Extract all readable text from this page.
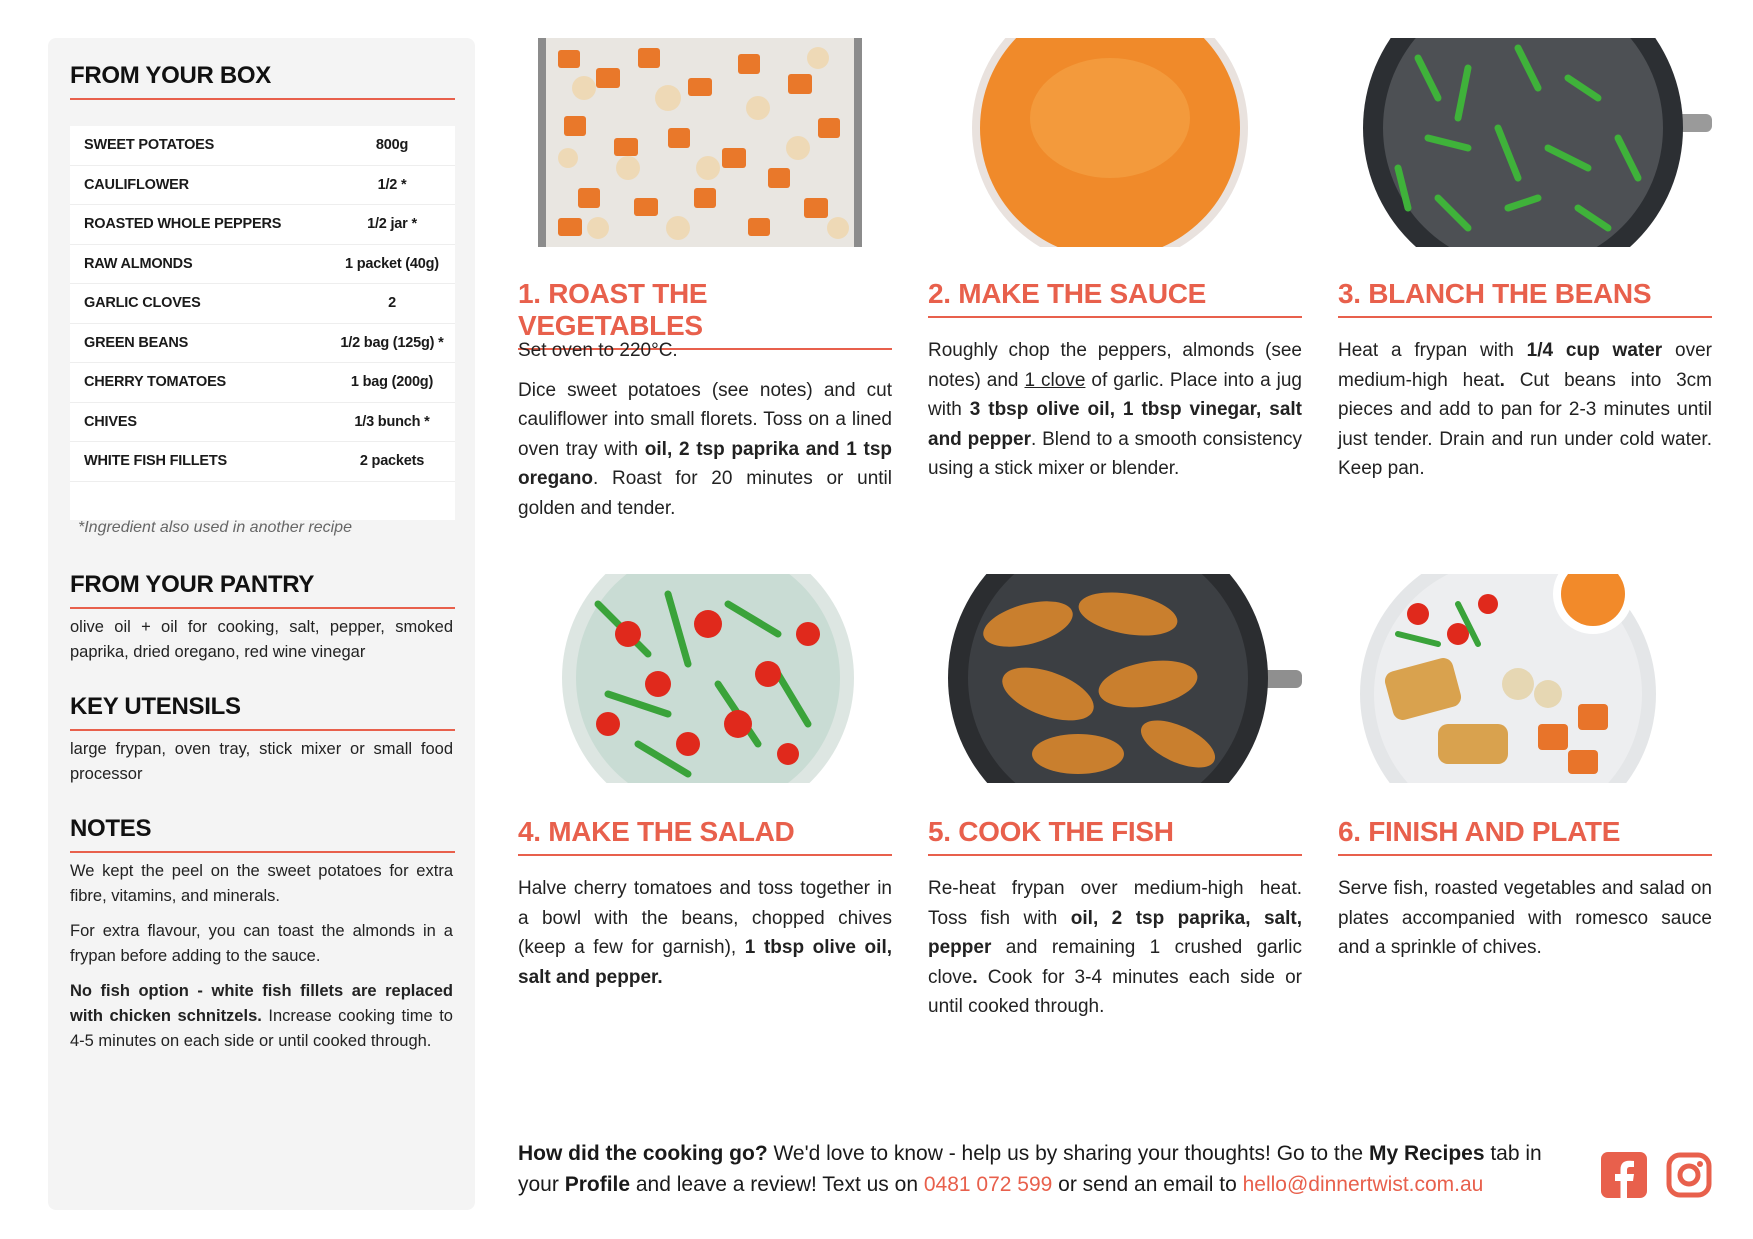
FROM YOUR BOX
SWEET POTATOES	800g
CAULIFLOWER	1/2 *
ROASTED WHOLE PEPPERS	1/2 jar *
RAW ALMONDS	1 packet (40g)
GARLIC CLOVES	2
GREEN BEANS	1/2 bag (125g) *
CHERRY TOMATOES	1 bag (200g)
CHIVES	1/3 bunch *
WHITE FISH FILLETS	2 packets
*Ingredient also used in another recipe
FROM YOUR PANTRY
olive oil + oil for cooking, salt, pepper, smoked paprika, dried oregano, red wine vinegar
KEY UTENSILS
large frypan, oven tray, stick mixer or small food processor
NOTES

We kept the peel on the sweet potatoes for extra fibre, vitamins, and minerals.

For extra flavour, you can toast the almonds in a frypan before adding to the sauce.

No fish option - white fish fillets are replaced with chicken schnitzels. Increase cooking time to 4-5 minutes on each side or until cooked through.

1. ROAST THE VEGETABLES

Set oven to 220°C.

Dice sweet potatoes (see notes) and cut cauliflower into small florets. Toss on a lined oven tray with oil, 2 tsp paprika and 1 tsp oregano. Roast for 20 minutes or until golden and tender.

2. MAKE THE SAUCE

Roughly chop the peppers, almonds (see notes) and 1 clove of garlic. Place into a jug with 3 tbsp olive oil, 1 tbsp vinegar, salt and pepper. Blend to a smooth consistency using a stick mixer or blender.

3. BLANCH THE BEANS

Heat a frypan with 1/4 cup water over medium-high heat. Cut beans into 3cm pieces and add to pan for 2-3 minutes until just tender. Drain and run under cold water. Keep pan.

4. MAKE THE SALAD

Halve cherry tomatoes and toss together in a bowl with the beans, chopped chives (keep a few for garnish), 1 tbsp olive oil, salt and pepper.

5. COOK THE FISH

Re-heat frypan over medium-high heat. Toss fish with oil, 2 tsp paprika, salt, pepper and remaining 1 crushed garlic clove. Cook for 3-4 minutes each side or until cooked through.

6. FINISH AND PLATE

Serve fish, roasted vegetables and salad on plates accompanied with romesco sauce and a sprinkle of chives.

How did the cooking go? We'd love to know - help us by sharing your thoughts! Go to the My Recipes tab in your Profile and leave a review! Text us on 0481 072 599 or send an email to hello@dinnertwist.com.au
